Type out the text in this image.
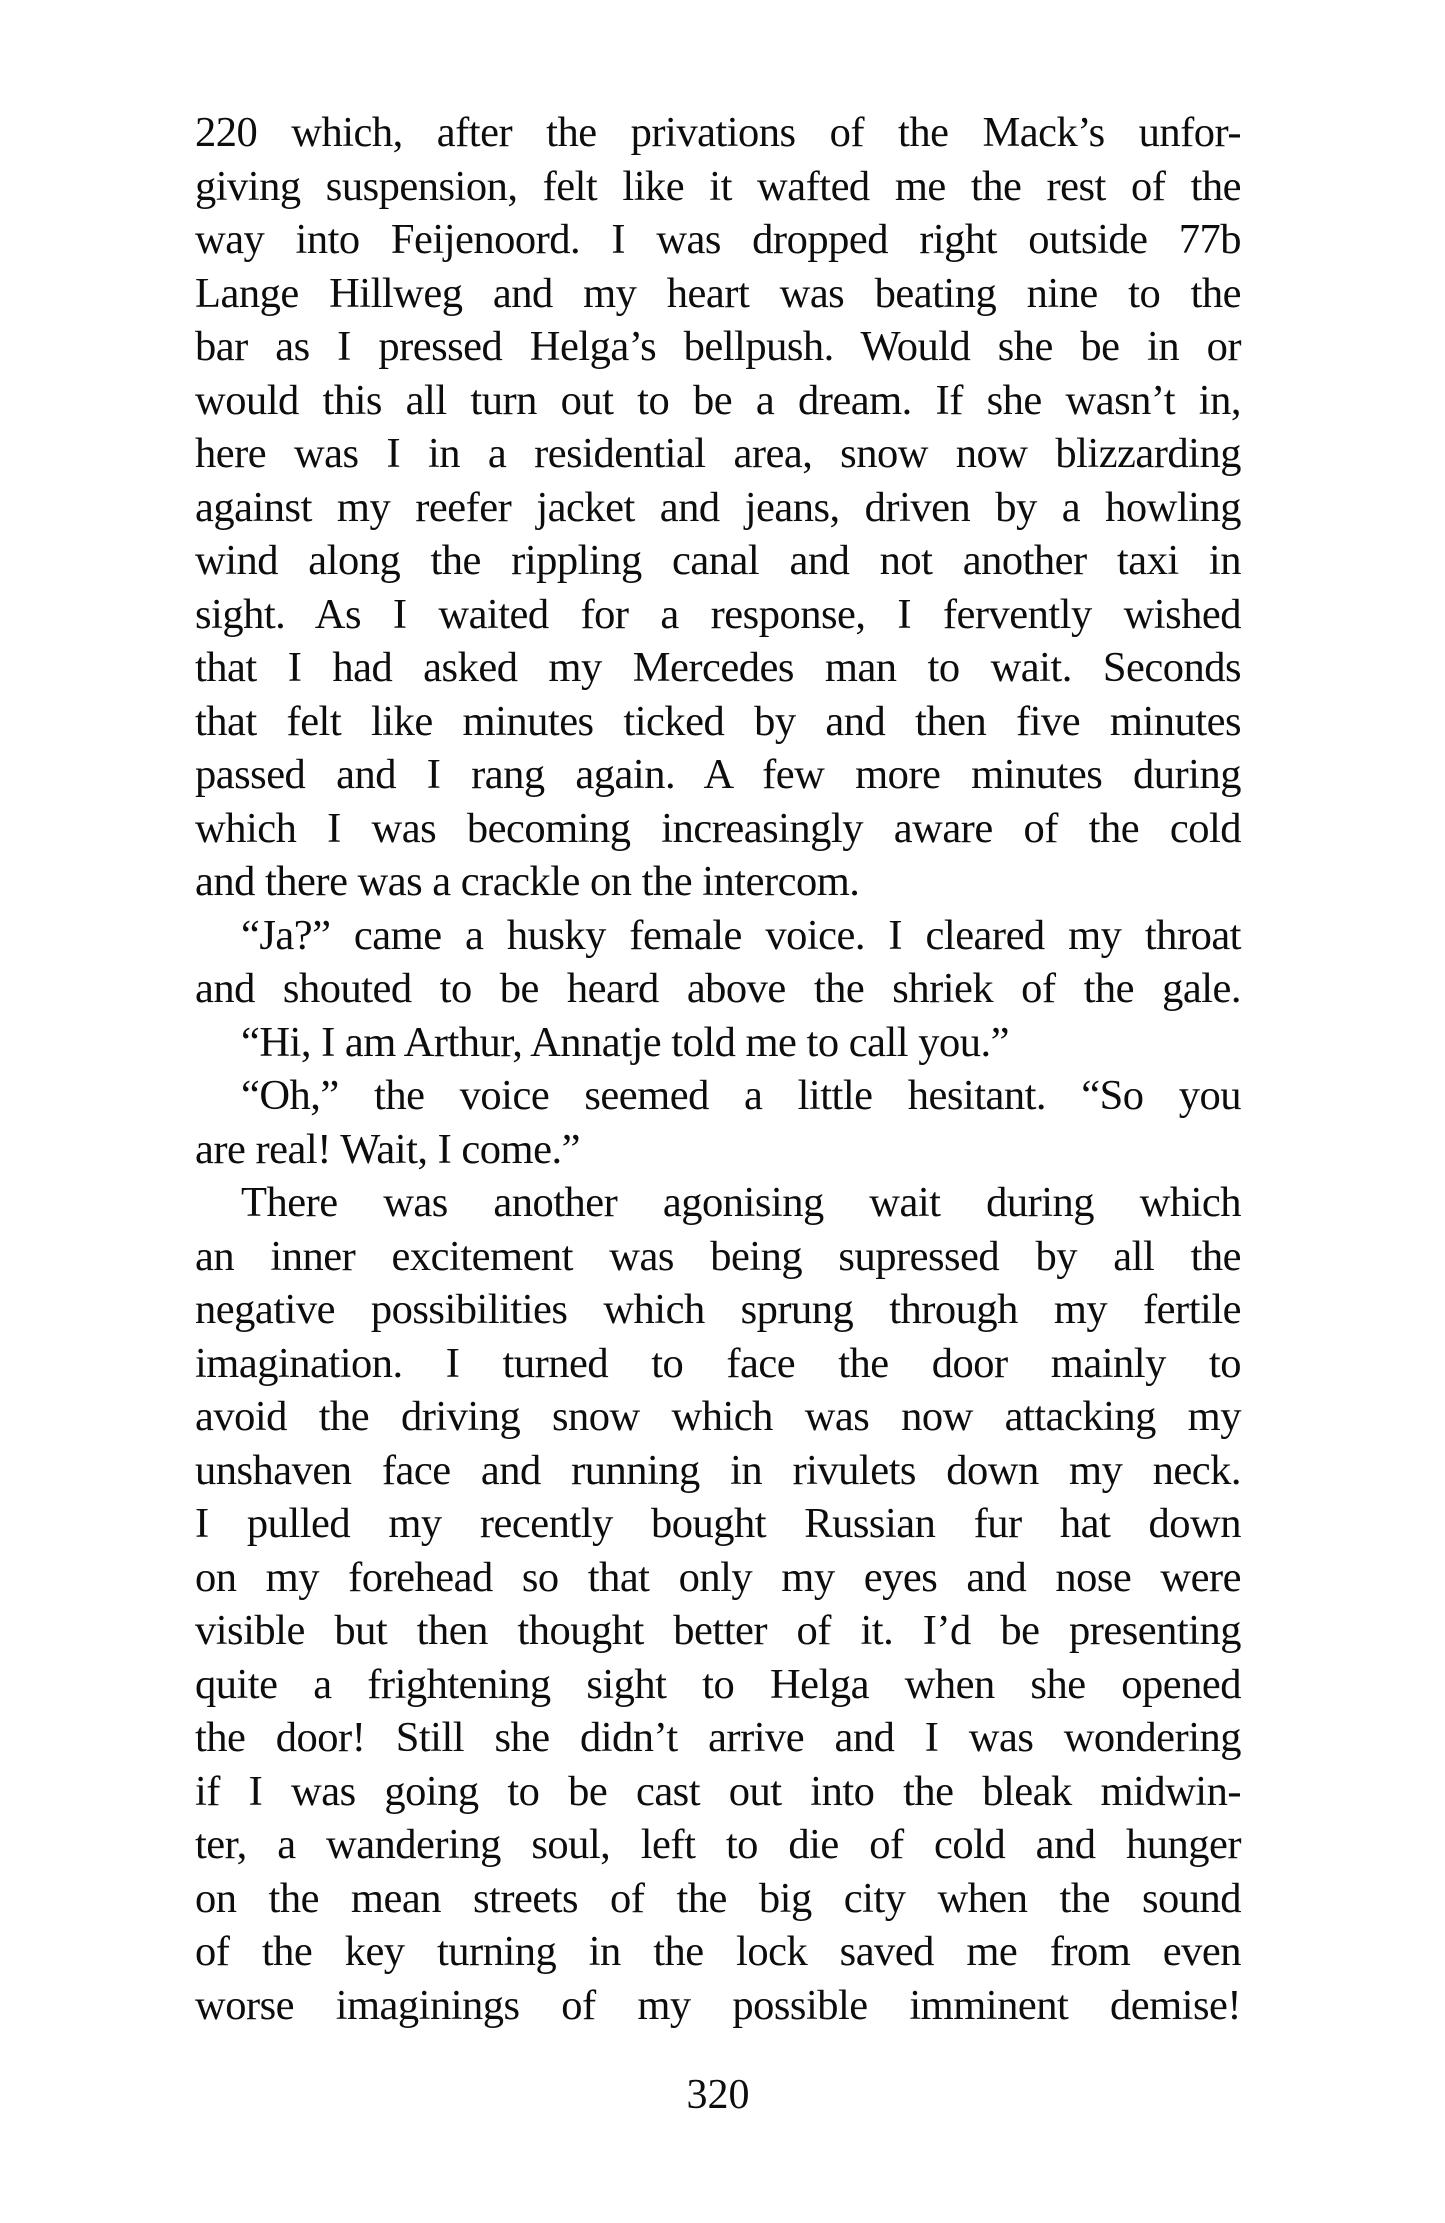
220 which, after the privations of the Mack’s unfor-
giving suspension, felt like it wafted me the rest of the
way into Feijenoord. I was dropped right outside 77b
Lange Hillweg and my heart was beating nine to the
bar as I pressed Helga’s bellpush. Would she be in or
would this all turn out to be a dream. If she wasn’t in,
here was I in a residential area, snow now blizzarding
against my reefer jacket and jeans, driven by a howling
wind along the rippling canal and not another taxi in
sight. As I waited for a response, I fervently wished
that I had asked my Mercedes man to wait. Seconds
that felt like minutes ticked by and then five minutes
passed and I rang again. A few more minutes during
which I was becoming increasingly aware of the cold
and there was a crackle on the intercom.
“Ja?” came a husky female voice. I cleared my throat
and shouted to be heard above the shriek of the gale.
“Hi, I am Arthur, Annatje told me to call you.”
“Oh,” the voice seemed a little hesitant. “So you
are real! Wait, I come.”
There was another agonising wait during which
an inner excitement was being supressed by all the
negative possibilities which sprung through my fertile
imagination. I turned to face the door mainly to
avoid the driving snow which was now attacking my
unshaven face and running in rivulets down my neck.
I pulled my recently bought Russian fur hat down
on my forehead so that only my eyes and nose were
visible but then thought better of it. I’d be presenting
quite a frightening sight to Helga when she opened
the door! Still she didn’t arrive and I was wondering
if I was going to be cast out into the bleak midwin-
ter, a wandering soul, left to die of cold and hunger
on the mean streets of the big city when the sound
of the key turning in the lock saved me from even
worse imaginings of my possible imminent demise!
320
